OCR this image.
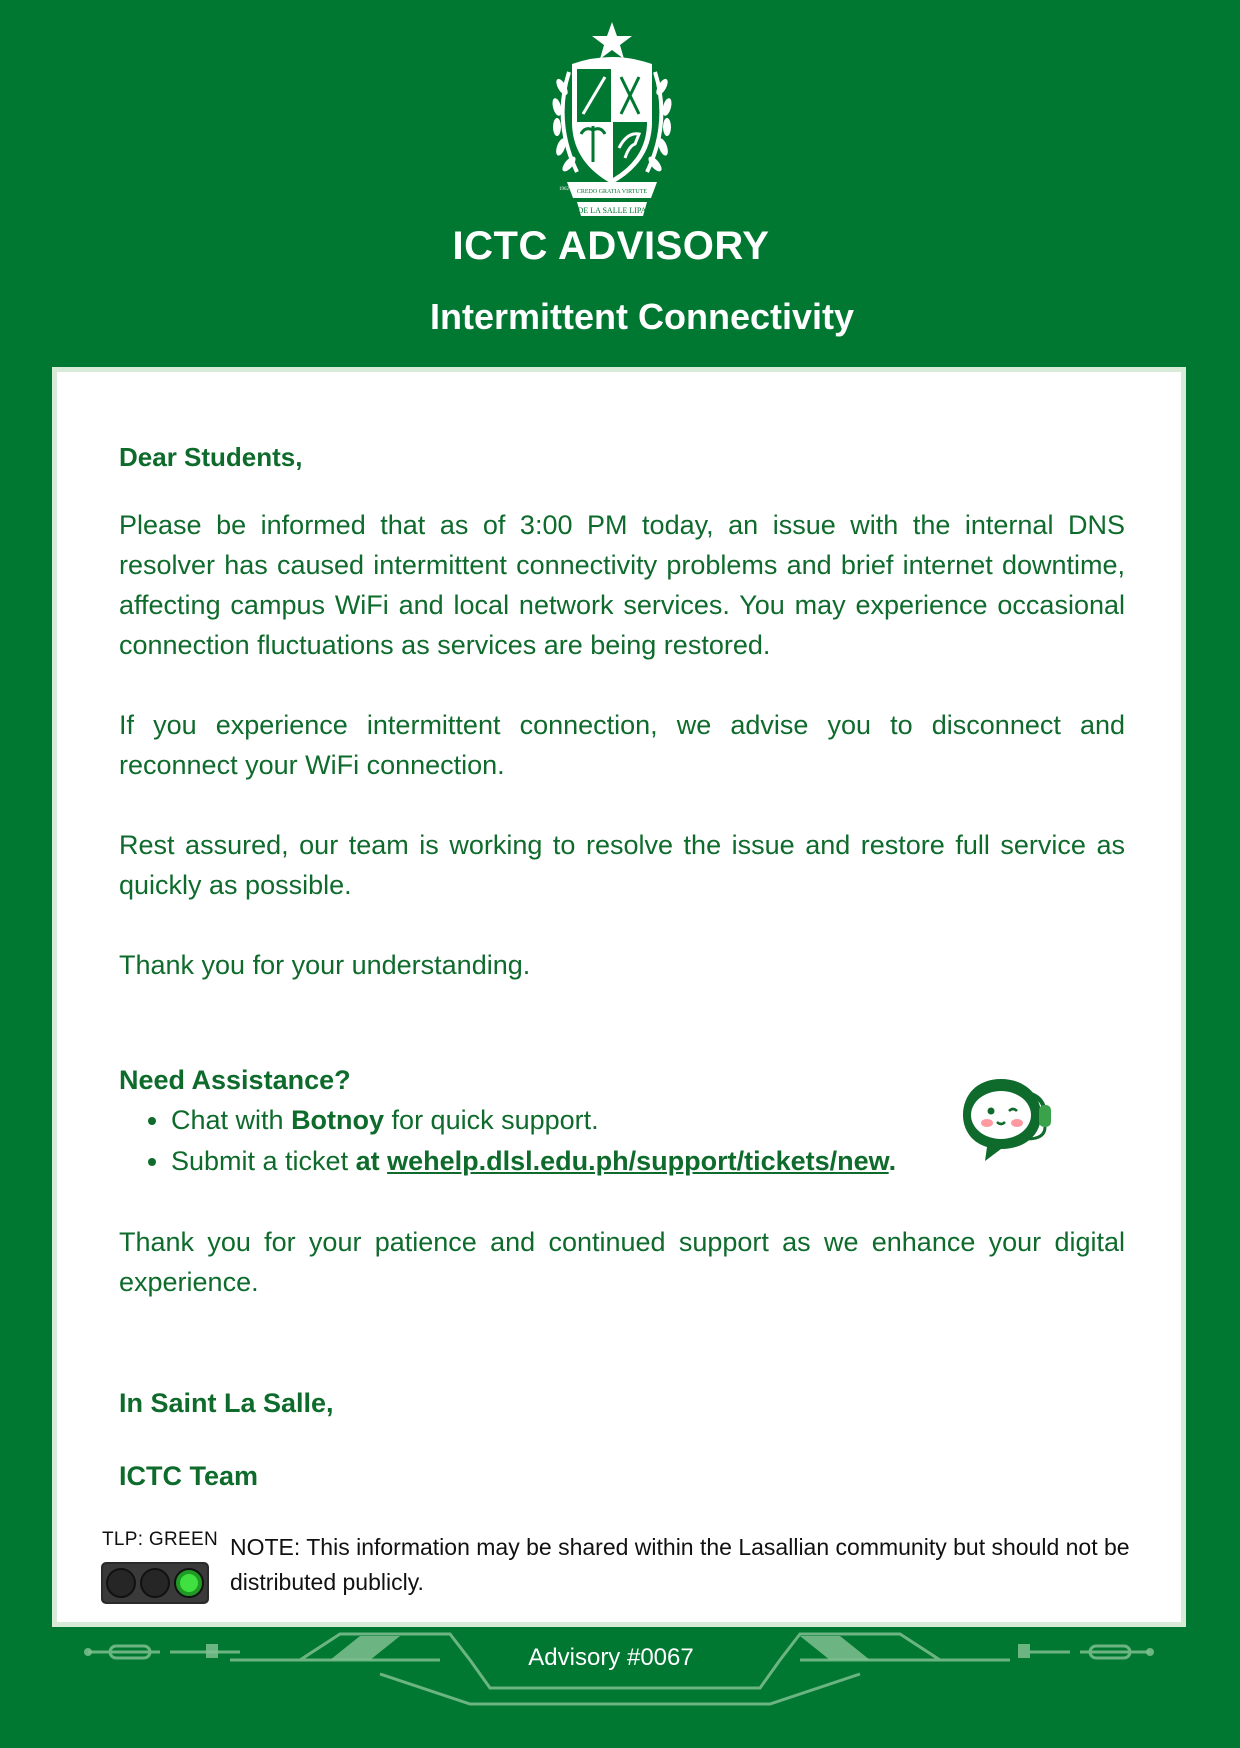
CREDO GRATIA VIRTUTE
DE LA SALLE LIPA
1962
ICTC ADVISORY
Intermittent Connectivity

Dear Students,

Please be informed that as of 3:00 PM today, an issue with the internal DNS resolver has caused intermittent connectivity problems and brief internet downtime, affecting campus WiFi and local network services. You may experience occasional connection fluctuations as services are being restored.

If you experience intermittent connection, we advise you to disconnect and reconnect your WiFi connection.

Rest assured, our team is working to resolve the issue and restore full service as quickly as possible.

Thank you for your understanding.

Need Assistance?

• Chat with Botnoy for quick support.
• Submit a ticket at wehelp.dlsl.edu.ph/support/tickets/new.

Thank you for your patience and continued support as we enhance your digital experience.

In Saint La Salle,

ICTC Team

TLP: GREEN NOTE: This information may be shared within the Lasallian community but should not be distributed publicly.
Advisory #0067
